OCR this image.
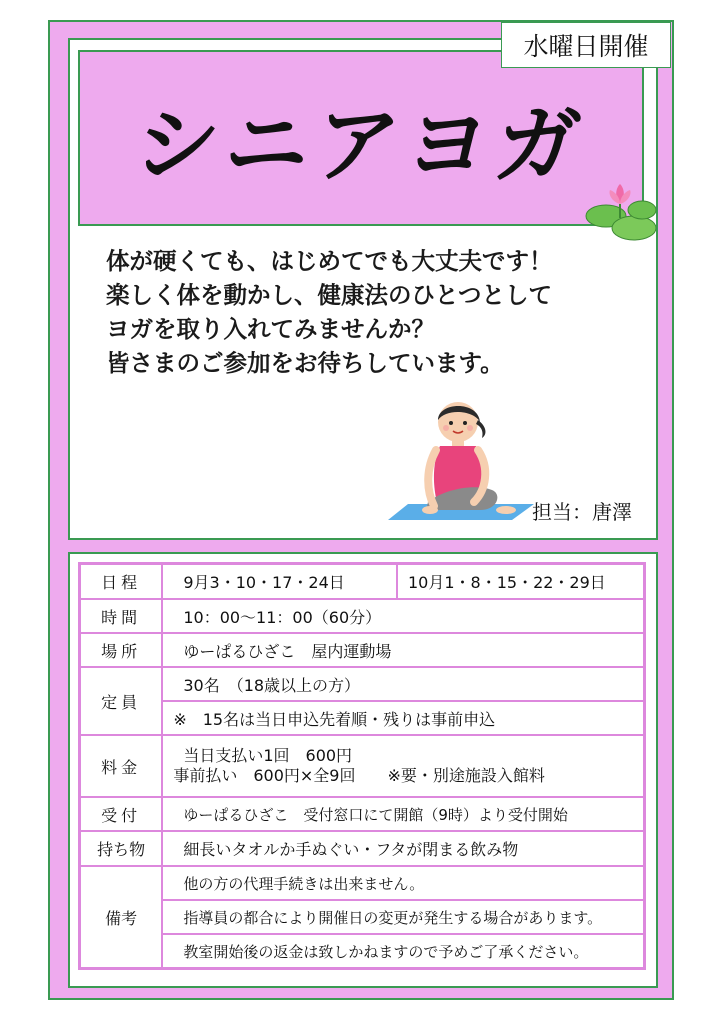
シニアヨガ
水曜日開催
体が硬くても、はじめてでも大丈夫です！
楽しく体を動かし、健康法のひとつとして
ヨガを取り入れてみませんか？
皆さまのご参加をお待ちしています。
担当：唐澤
日程	9月3・10・17・24日	10月1・8・15・22・29日
時間	10：00～11：00（60分）	
場所	ゆーぱるひざこ　屋内運動場	
定員	30名　（18歳以上の方）	
	※　15名は当日申込先着順・残りは事前申込	
料金	当日支払い1回　600円
事前払い　600円×全9回　　※要・別途施設入館料	

受付	ゆーぱるひざこ　受付窓口にて開館（9時）より受付開始	
持ち物	細長いタオルか手ぬぐい・フタが閉まる飲み物	
備考	他の方の代理手続きは出来ません。	
	指導員の都合により開催日の変更が発生する場合があります。	
	教室開始後の返金は致しかねますので予めご了承ください。	
